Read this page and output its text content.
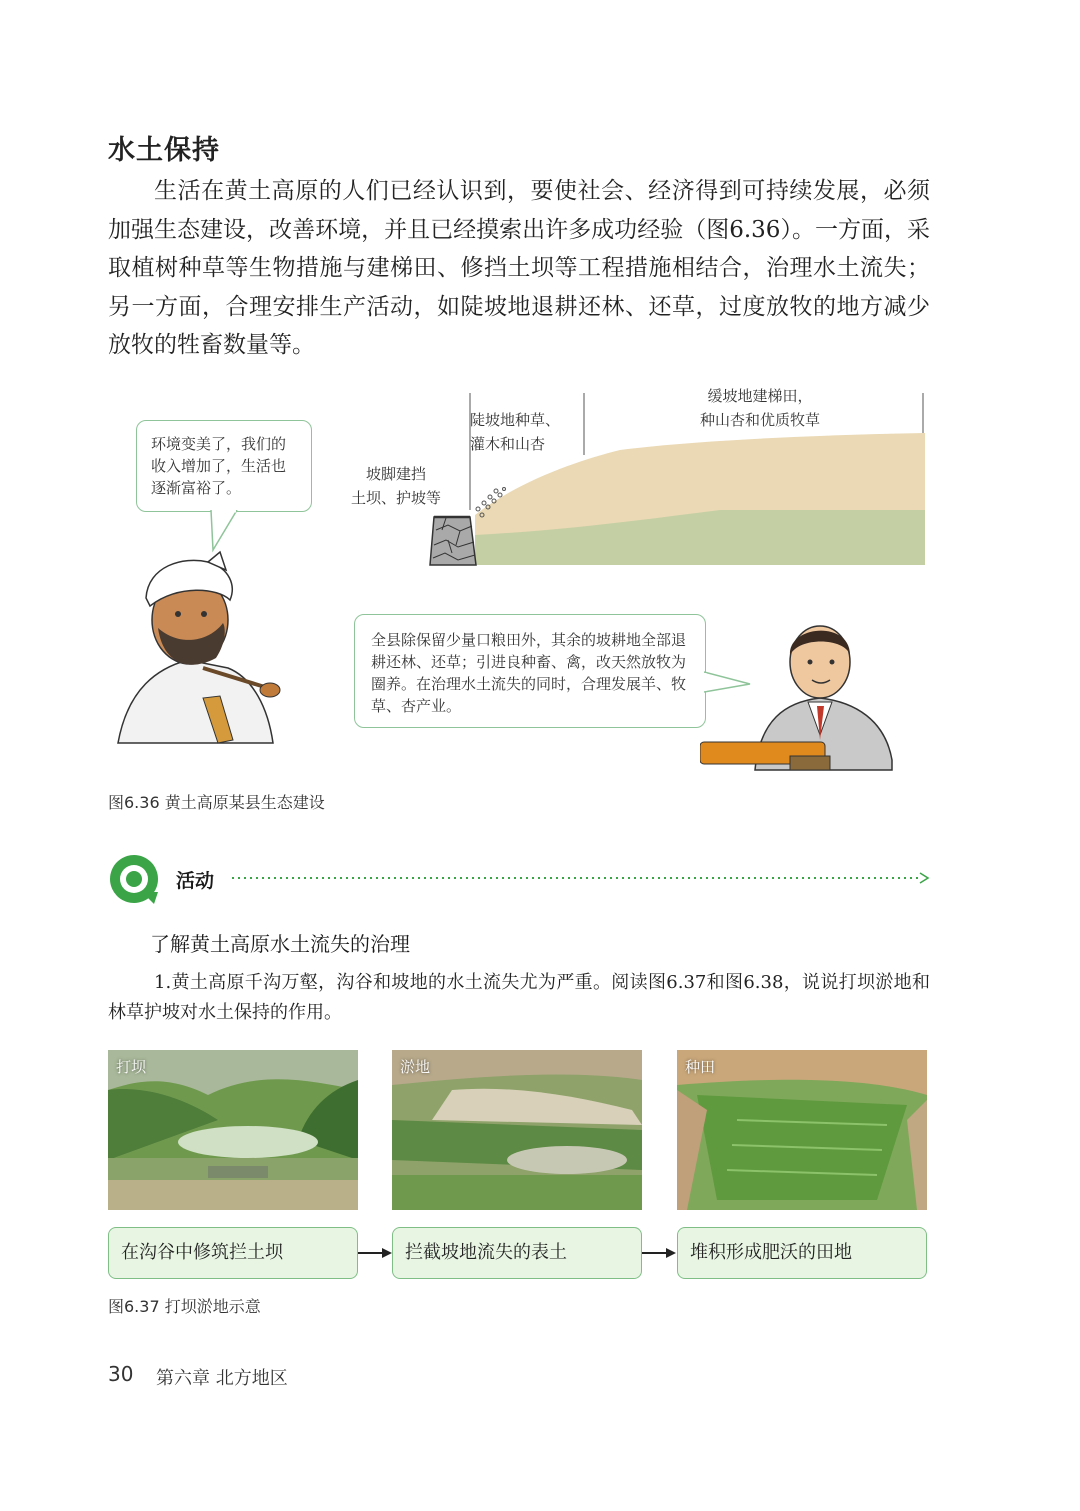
水土保持
生活在黄土高原的人们已经认识到，要使社会、经济得到可持续发展，必须加强生态建设，改善环境，并且已经摸索出许多成功经验（图6.36）。一方面，采取植树种草等生物措施与建梯田、修挡土坝等工程措施相结合，治理水土流失；另一方面，合理安排生产活动，如陡坡地退耕还林、还草，过度放牧的地方减少放牧的牲畜数量等。
坡脚建挡
土坝、护坡等
陡坡地种草、
灌木和山杏
缓坡地建梯田，
种山杏和优质牧草
环境变美了，我们的收入增加了，生活也逐渐富裕了。
全县除保留少量口粮田外，其余的坡耕地全部退耕还林、还草；引进良种畜、禽，改天然放牧为圈养。在治理水土流失的同时，合理发展羊、牧草、杏产业。
图6.36 黄土高原某县生态建设
活动
了解黄土高原水土流失的治理
1.黄土高原千沟万壑，沟谷和坡地的水土流失尤为严重。阅读图6.37和图6.38，说说打坝淤地和林草护坡对水土保持的作用。
打坝	淤地	种田
在沟谷中修筑拦土坝	拦截坡地流失的表土	堆积形成肥沃的田地
图6.37 打坝淤地示意
30 第六章 北方地区
